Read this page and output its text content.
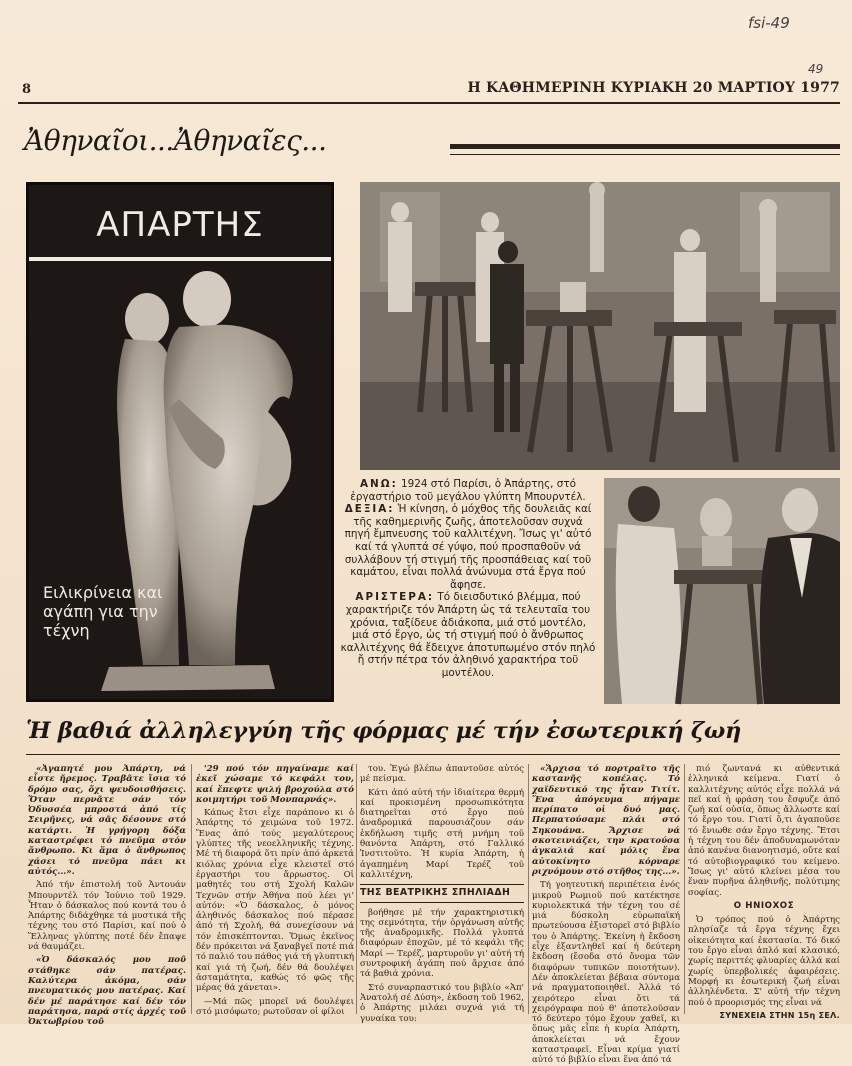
fsi-49
49
8	Η ΚΑΘΗΜΕΡΙΝΗ ΚΥΡΙΑΚΗ 20 ΜΑΡΤΙΟΥ 1977
Ἀθηναῖοι...Ἀθηναῖες...
ΑΠΑΡΤΗΣ
Ειλικρίνεια και αγάπη για την τέχνη

ΑΝΩ: 1924 στό Παρίσι, ὁ Ἀπάρτης, στό ἐργαστήριο τοῦ μεγάλου γλύπτη Μπουρντέλ.

ΔΕΞΙΑ: Ἡ κίνηση, ὁ μόχθος τῆς δουλειᾶς καί τῆς καθημερινῆς ζωῆς, ἀποτελοῦσαν συχνά πηγή ἔμπνευσης τοῦ καλλιτέχνη. Ἴσως γι' αὐτό καί τά γλυπτά σέ γύψο, πού προσπαθοῦν νά συλλάβουν τή στιγμή τῆς προσπάθειας καί τοῦ καμάτου, εἶναι πολλά ἀνώνυμα στά ἔργα πού ἄφησε.

ΑΡΙΣΤΕΡΑ: Τό διεισδυτικό βλέμμα, πού χαρακτήριζε τόν Ἀπάρτη ὡς τά τελευταῖα του χρόνια, ταξίδευε ἀδιάκοπα, μιά στό μοντέλο, μιά στό ἔργο, ὡς τή στιγμή πού ὁ ἄνθρωπος καλλιτέχνης θά ἔδειχνε ἀποτυπωμένο στόν πηλό ἤ στήν πέτρα τόν ἀληθινό χαρακτήρα τοῦ μοντέλου.

Ἡ βαθιά ἀλληλεγγύη τῆς φόρμας μέ τήν ἐσωτερική ζωή

«Ἀγαπητέ μου Ἀπάρτη, νά εἶστε ἤρεμος. Τραβᾶτε ἴσια τό δρόμο σας, ὄχι ψευδοισθήσεις. Ὅταν περνᾶτε σάν τόν Ὀδυσσέα μπροστά ἀπό τίς Σειρῆνες, νά σᾶς δέσουνε στό κατάρτι. Ἡ γρήγορη δόξα καταστρέφει τό πνεῦμα στόν ἄνθρωπο. Κι ἅμα ὁ ἄνθρωπος χάσει τό πνεῦμα πάει κι αὐτός...».

Ἀπό τήν ἐπιστολή τοῦ Ἀντουάν Μπουρντέλ τόν Ἰούνιο τοῦ 1929. Ἦταν ὁ δάσκαλος πού κοντά του ὁ Ἀπάρτης διδάχθηκε τά μυστικά τῆς τέχνης του στό Παρίσι, καί πού ὁ Ἕλληνας γλύπτης ποτέ δέν ἔπαψε νά θαυμάζει.

«Ὁ δάσκαλός μου ποῦ στάθηκε σάν πατέρας. Καλύτερα ἀκόμα, σάν πνευματικός μου πατέρας. Καί δέν μέ παράτησε καί δέν τόν παράτησα, παρά στίς ἀρχές τοῦ Ὀκτωβρίου τοῦ

'29 πού τόν πηγαίναμε καί ἐκεῖ χώσαμε τό κεφάλι του, καί ἔπεφτε ψιλή βροχούλα στό κοιμητήρι τοῦ Μονπαρνάς».

Κάπως ἔτσι εἶχε παράπονο κι ὁ Ἀπάρτης τό χειμώνα τοῦ 1972. Ἕνας ἀπό τούς μεγαλύτερους γλύπτες τῆς νεοελληνικῆς τέχνης. Μέ τή διαφορά ὅτι πρίν ἀπό ἀρκετά κιόλας χρόνια εἶχε κλειστεῖ στό ἐργαστήρι του ἄρρωστος. Οἱ μαθητές του στή Σχολή Καλῶν Τεχνῶν στήν Ἀθήνα πού λέει γι' αὐτόν: «Ὁ δάσκαλος, ὁ μόνος ἀληθινός δάσκαλος πού πέρασε ἀπό τή Σχολή, θά συνεχίσουν νά τόν ἐπισκέπτονται. Ὅμως ἐκεῖνος δέν πρόκειται νά ξαναβγεῖ ποτέ πιά τό παλιό του πάθος γιά τή γλυπτική καί γιά τή ζωή, δέν θά δουλέψει ἀσταμάτητα, καθώς τό φῶς τῆς μέρας θά χάνεται».

—Μά πῶς μπορεῖ νά δουλέψει στό μισόφωτο; ρωτοῦσαν οἱ φίλοι

του. Ἐγώ βλέπω ἀπαντοῦσε αὐτός μέ πείσμα.

Κάτι ἀπό αὐτή τήν ἰδιαίτερα θερμή καί προκισμένη προσωπικότητα διατηρεῖται στό ἔργο πού ἀναδρομικά παρουσιάζουν σάν ἐκδήλωση τιμῆς στή μνήμη τοῦ θανόντα Ἀπάρτη, στό Γαλλικό Ἰνστιτοῦτο. Ἡ κυρία Ἀπάρτη, ἡ ἀγαπημένη Μαρί Τερέζ τοῦ καλλιτέχνη,

ΤΗΣ ΒΕΑΤΡΙΚΗΣ ΣΠΗΛΙΑΔΗ

βοήθησε μέ τήν χαρακτηριστική της σεμνότητα, τήν ὀργάνωση αὐτῆς τῆς ἀναδρομικῆς. Πολλά γλυπτά διαφόρων ἐποχῶν, μέ τό κεφάλι τῆς Μαρί — Τερέζ, μαρτυροῦν γι' αὐτή τή συντροφική ἀγάπη πού ἄρχισε ἀπό τά βαθιά χρόνια.

Στό συναρπαστικό του βιβλίο «Ἀπ' Ἀνατολή σέ Δύση», ἐκδοση τοῦ 1962, ὁ Ἀπάρτης μιλάει συχνά γιά τή γυναίκα του:

«Ἄρχισα τό πορτραῖτο τῆς καστανῆς κοπέλας. Τό χαϊδευτικό της ἦταν Τιτίτ. Ἕνα ἀπόγευμα πήγαμε περίπατο οἱ δυό μας. Περπατούσαμε πλάι στό Σηκουάνα. Ἄρχισε νά σκοτεινιάζει, την κρατούσα ἀγκαλιά καί μόλις ἕνα αὐτοκίνητο κόρναρε ριχνόμουν στό στῆθος της...».

Τή γοητευτική περιπέτεια ἑνός μικροῦ Ρωμιοῦ πού κατέκτησε κυριολεκτικά τήν τέχνη του σέ μιά δύσκολη εὐρωπαϊκή πρωτεύουσα ἐξιστορεῖ στό βιβλίο του ὁ Ἀπάρτης. Ἐκείνη ἡ ἔκδοση εἶχε ἐξαντληθεῖ καί ἡ δεύτερη ἔκδοση (ἔσοδα στό ὄνομα τῶν διαφόρων τυπικῶν ποιοτήτων). Δέν ἀποκλείεται βέβαια σύντομα νά πραγματοποιηθεῖ. Ἀλλά τό χειρότερο εἶναι ὅτι τά χειρόγραφα πού θ' ἀποτελοῦσαν τό δεύτερο τόμο ἔχουν χαθεῖ, κι ὅπως μᾶς εἶπε ἡ κυρία Ἀπάρτη, ἀποκλείεται νά ἔχουν καταστραφεῖ. Εἶναι κρίμα γιατί αὐτό τό βιβλίο εἶναι ἕνα ἀπό τά

πιό ζωντανά κι αὐθεντικά ἑλληνικά κείμενα. Γιατί ὁ καλλιτέχνης αὐτός εἶχε πολλά νά πεῖ καί ἡ φράση του ἔσφυζε ἀπό ζωή καί οὐσία, ὅπως ἄλλωστε καί τό ἔργο του. Γιατί ὅ,τι ἀγαποῦσε τό ἔνιωθε σάν ἔργο τέχνης. Ἔτσι ἡ τέχνη του δέν ἀποδυναμωνόταν ἀπό κανένα διανοητισμό, οὔτε καί τό αὐτοβιογραφικό του κείμενο. Ἴσως γι' αὐτό κλείνει μέσα του ἕναν πυρῆνα ἀληθινῆς, πολύτιμης σοφίας.

Ο ΗΝΙΟΧΟΣ

Ὁ τρόπος πού ὁ Ἀπάρτης πλησίαζε τά ἔργα τέχνης ἔχει οἰκειότητα καί ἐκστασία. Τό δικό του ἔργο εἶναι ἁπλό καί κλασικό, χωρίς περιττές φλυαρίες ἀλλά καί χωρίς ὑπερβολικές ἀφαιρέσεις. Μορφή κι ἐσωτερική ζωή εἶναι ἀλληλένδετα. Σ' αὐτή τήν τέχνη πού ὁ προορισμός της εἶναι νά

ΣΥΝΕΧΕΙΑ ΣΤΗΝ 15η ΣΕΛ.
